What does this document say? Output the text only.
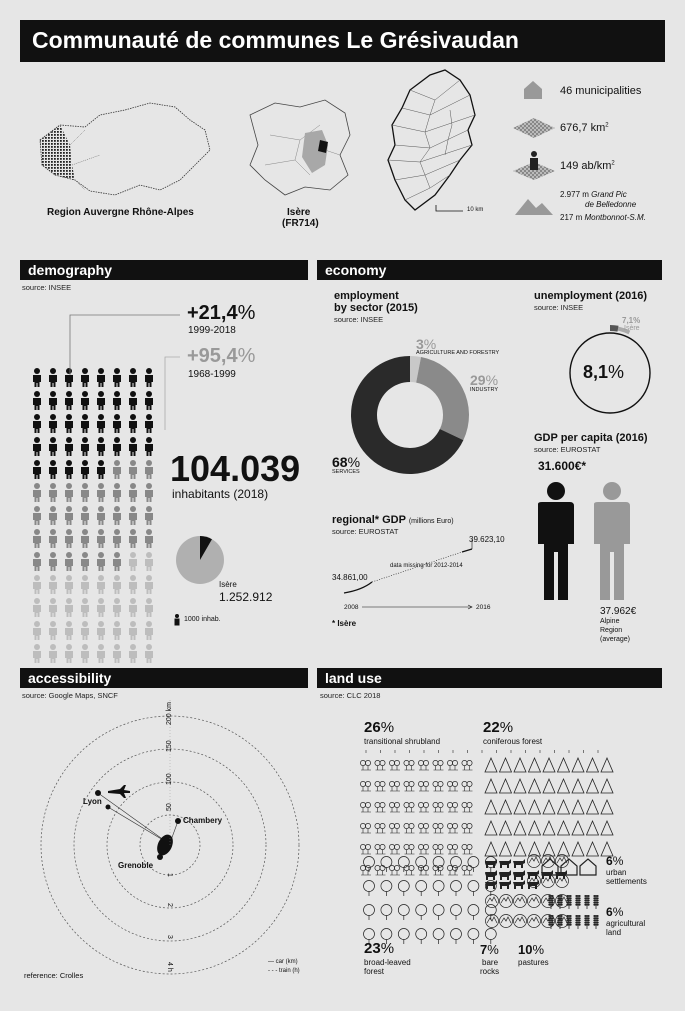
Communauté de communes Le Grésivaudan
Region Auvergne Rhône-Alpes	Isère
(FR714)
10 km
46 municipalities
676,7 $km^2$
149 $ab/km^2$
2.977 m Grand Pic
de Belledonne
217 m Montbonnot-S.M.
demography
source: INSEE
+21,4%
1999-2018
+95,4%
1968-1999
104.039
inhabitants (2018)
Isère
1.252.912
1000 inhab.
economy
employment
by sector (2015)
source: INSEE
3%
AGRICULTURE AND FORESTRY
29%
INDUSTRY
68%
SERVICES
unemployment (2016)
source: INSEE
8,1%
7,1%
Isère
GDP per capita (2016)
source: EUROSTAT
31.600€*
37.962€
Alpine
Region
(average)
regional* GDP (millions Euro)
source: EUROSTAT
39.623,10
data missing for 2012-2014
34.861,00
2008	2016
* Isère
accessibility
source: Google Maps, SNCF
50
100
150
200 km
1
2
3
4 h
Lyon
Chambery
Grenoble
— car (km)
- - - train (h)
reference: Crolles
land use
source: CLC 2018
26%
transitional shrubland
22%
coniferous forest
6%
urban
settlements
6%
agricultural
land
23%
broad-leaved
forest
7%
bare
rocks
10%
pastures
